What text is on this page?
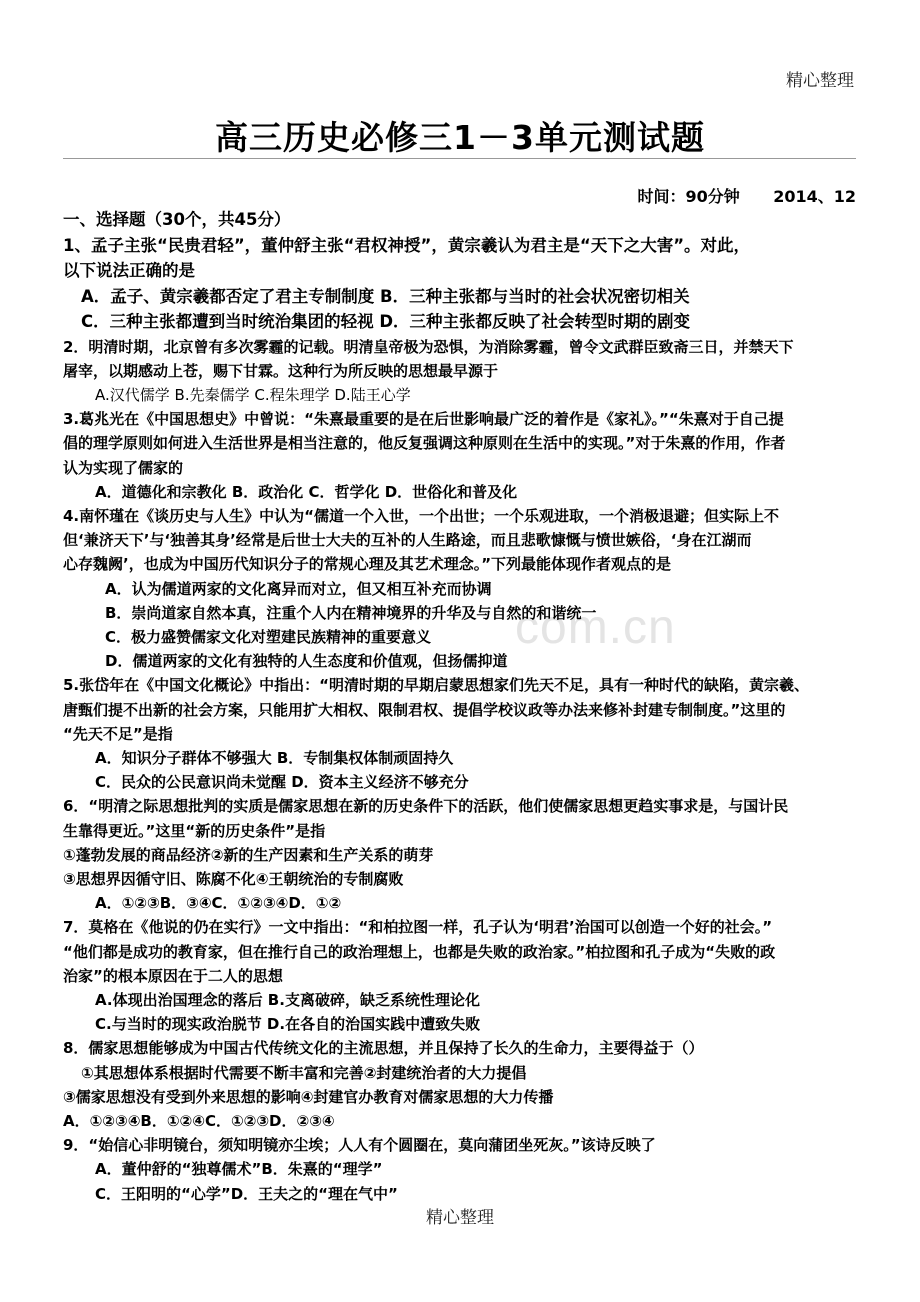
精心整理
高三历史必修三1－3单元测试题
时间：90分钟      2014、12
com.cn

一、选择题（30个，共45分）

1、孟子主张“民贵君轻”，董仲舒主张“君权神授”，黄宗羲认为君主是“天下之大害”。对此，

以下说法正确的是

A．孟子、黄宗羲都否定了君主专制制度 B．三种主张都与当时的社会状况密切相关

C．三种主张都遭到当时统治集团的轻视 D．三种主张都反映了社会转型时期的剧变

2．明清时期，北京曾有多次雾霾的记载。明清皇帝极为恐惧，为消除雾霾，曾令文武群臣致斋三日，并禁天下

屠宰，以期感动上苍，赐下甘霖。这种行为所反映的思想最早源于

A.汉代儒学 B.先秦儒学 C.程朱理学 D.陆王心学

3.葛兆光在《中国思想史》中曾说：“朱熹最重要的是在后世影响最广泛的着作是《家礼》。”“朱熹对于自己提

倡的理学原则如何进入生活世界是相当注意的，他反复强调这种原则在生活中的实现。”对于朱熹的作用，作者

认为实现了儒家的

A．道德化和宗教化 B．政治化 C．哲学化 D．世俗化和普及化

4.南怀瑾在《谈历史与人生》中认为“儒道一个入世，一个出世；一个乐观进取，一个消极退避；但实际上不

但‘兼济天下’与‘独善其身’经常是后世士大夫的互补的人生路途，而且悲歌慷慨与愤世嫉俗，‘身在江湖而

心存魏阙’，也成为中国历代知识分子的常规心理及其艺术理念。”下列最能体现作者观点的是

A．认为儒道两家的文化离异而对立，但又相互补充而协调

B．崇尚道家自然本真，注重个人内在精神境界的升华及与自然的和谐统一

C．极力盛赞儒家文化对塑建民族精神的重要意义

D．儒道两家的文化有独特的人生态度和价值观，但扬儒抑道

5.张岱年在《中国文化概论》中指出：“明清时期的早期启蒙思想家们先天不足，具有一种时代的缺陷，黄宗羲、

唐甄们提不出新的社会方案，只能用扩大相权、限制君权、提倡学校议政等办法来修补封建专制制度。”这里的

“先天不足”是指

A．知识分子群体不够强大 B．专制集权体制顽固持久

C．民众的公民意识尚未觉醒 D．资本主义经济不够充分

6．“明清之际思想批判的实质是儒家思想在新的历史条件下的活跃，他们使儒家思想更趋实事求是，与国计民

生靠得更近。”这里“新的历史条件”是指

①蓬勃发展的商品经济②新的生产因素和生产关系的萌芽

③思想界因循守旧、陈腐不化④王朝统治的专制腐败

A．①②③B．③④C．①②③④D．①②

7．莫格在《他说的仍在实行》一文中指出：“和柏拉图一样，孔子认为‘明君’治国可以创造一个好的社会。”

“他们都是成功的教育家，但在推行自己的政治理想上，也都是失败的政治家。”柏拉图和孔子成为“失败的政

治家”的根本原因在于二人的思想

A.体现出治国理念的落后 B.支离破碎，缺乏系统性理论化

C.与当时的现实政治脱节 D.在各自的治国实践中遭致失败

8．儒家思想能够成为中国古代传统文化的主流思想，并且保持了长久的生命力，主要得益于（）

①其思想体系根据时代需要不断丰富和完善②封建统治者的大力提倡

③儒家思想没有受到外来思想的影响④封建官办教育对儒家思想的大力传播

A．①②③④B．①②④C．①②③D．②③④

9．“始信心非明镜台，须知明镜亦尘埃；人人有个圆圈在，莫向蒲团坐死灰。”该诗反映了

A．董仲舒的“独尊儒术”B．朱熹的“理学”

C．王阳明的“心学”D．王夫之的“理在气中”

精心整理
